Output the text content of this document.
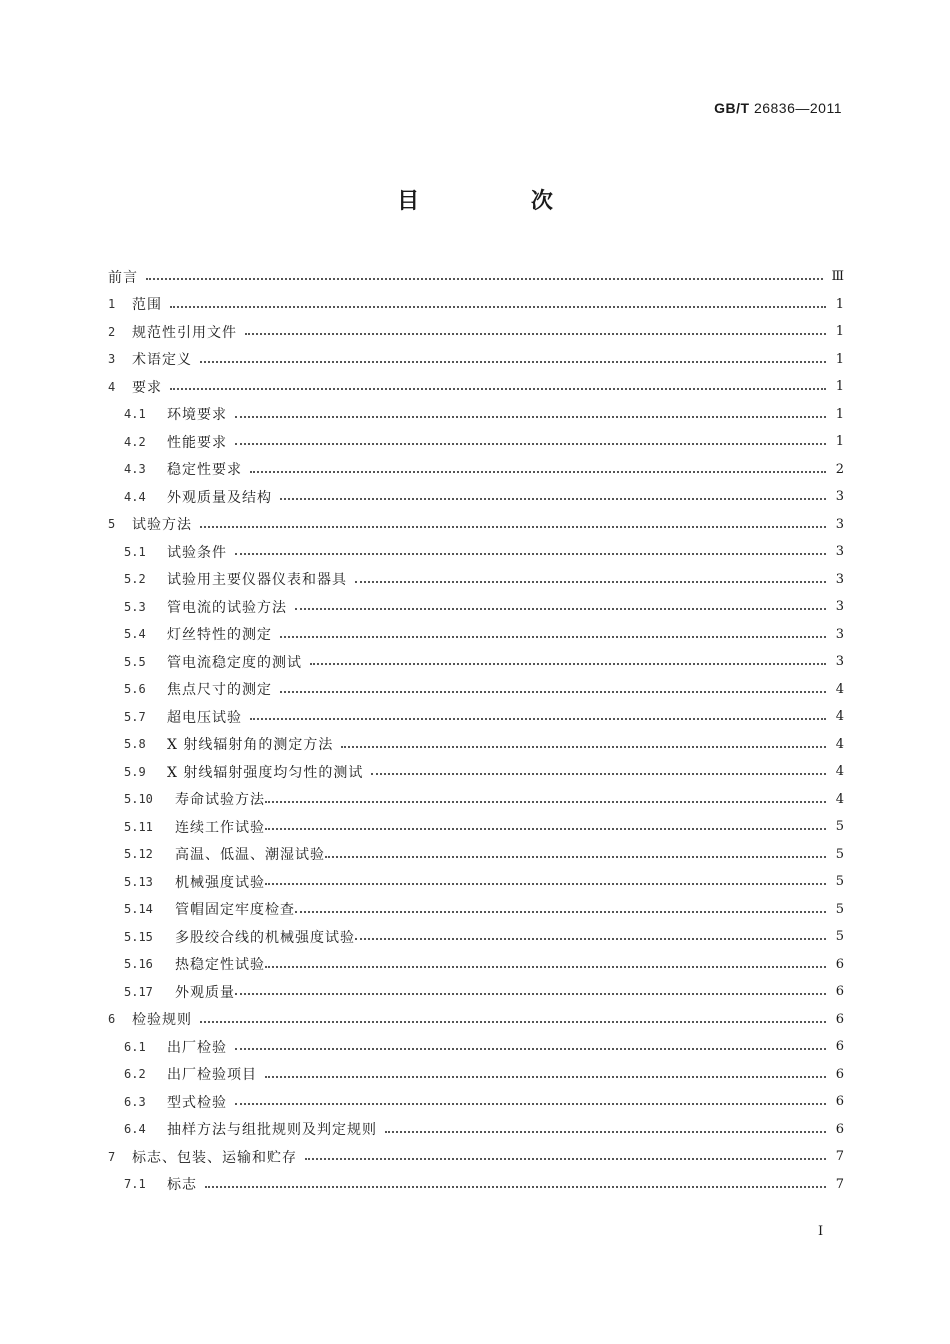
GB/T 26836—2011
目 次
前言	Ⅲ
1	范围	1
2	规范性引用文件	1
3	术语定义	1
4	要求	1
4.1	环境要求	1
4.2	性能要求	1
4.3	稳定性要求	2
4.4	外观质量及结构	3
5	试验方法	3
5.1	试验条件	3
5.2	试验用主要仪器仪表和器具	3
5.3	管电流的试验方法	3
5.4	灯丝特性的测定	3
5.5	管电流稳定度的测试	3
5.6	焦点尺寸的测定	4
5.7	超电压试验	4
5.8	X 射线辐射角的测定方法	4
5.9	X 射线辐射强度均匀性的测试	4
5.10	寿命试验方法	4
5.11	连续工作试验	5
5.12	高温、低温、潮湿试验	5
5.13	机械强度试验	5
5.14	管帽固定牢度检查	5
5.15	多股绞合线的机械强度试验	5
5.16	热稳定性试验	6
5.17	外观质量	6
6	检验规则	6
6.1	出厂检验	6
6.2	出厂检验项目	6
6.3	型式检验	6
6.4	抽样方法与组批规则及判定规则	6
7	标志、包装、运输和贮存	7
7.1	标志	7
I
